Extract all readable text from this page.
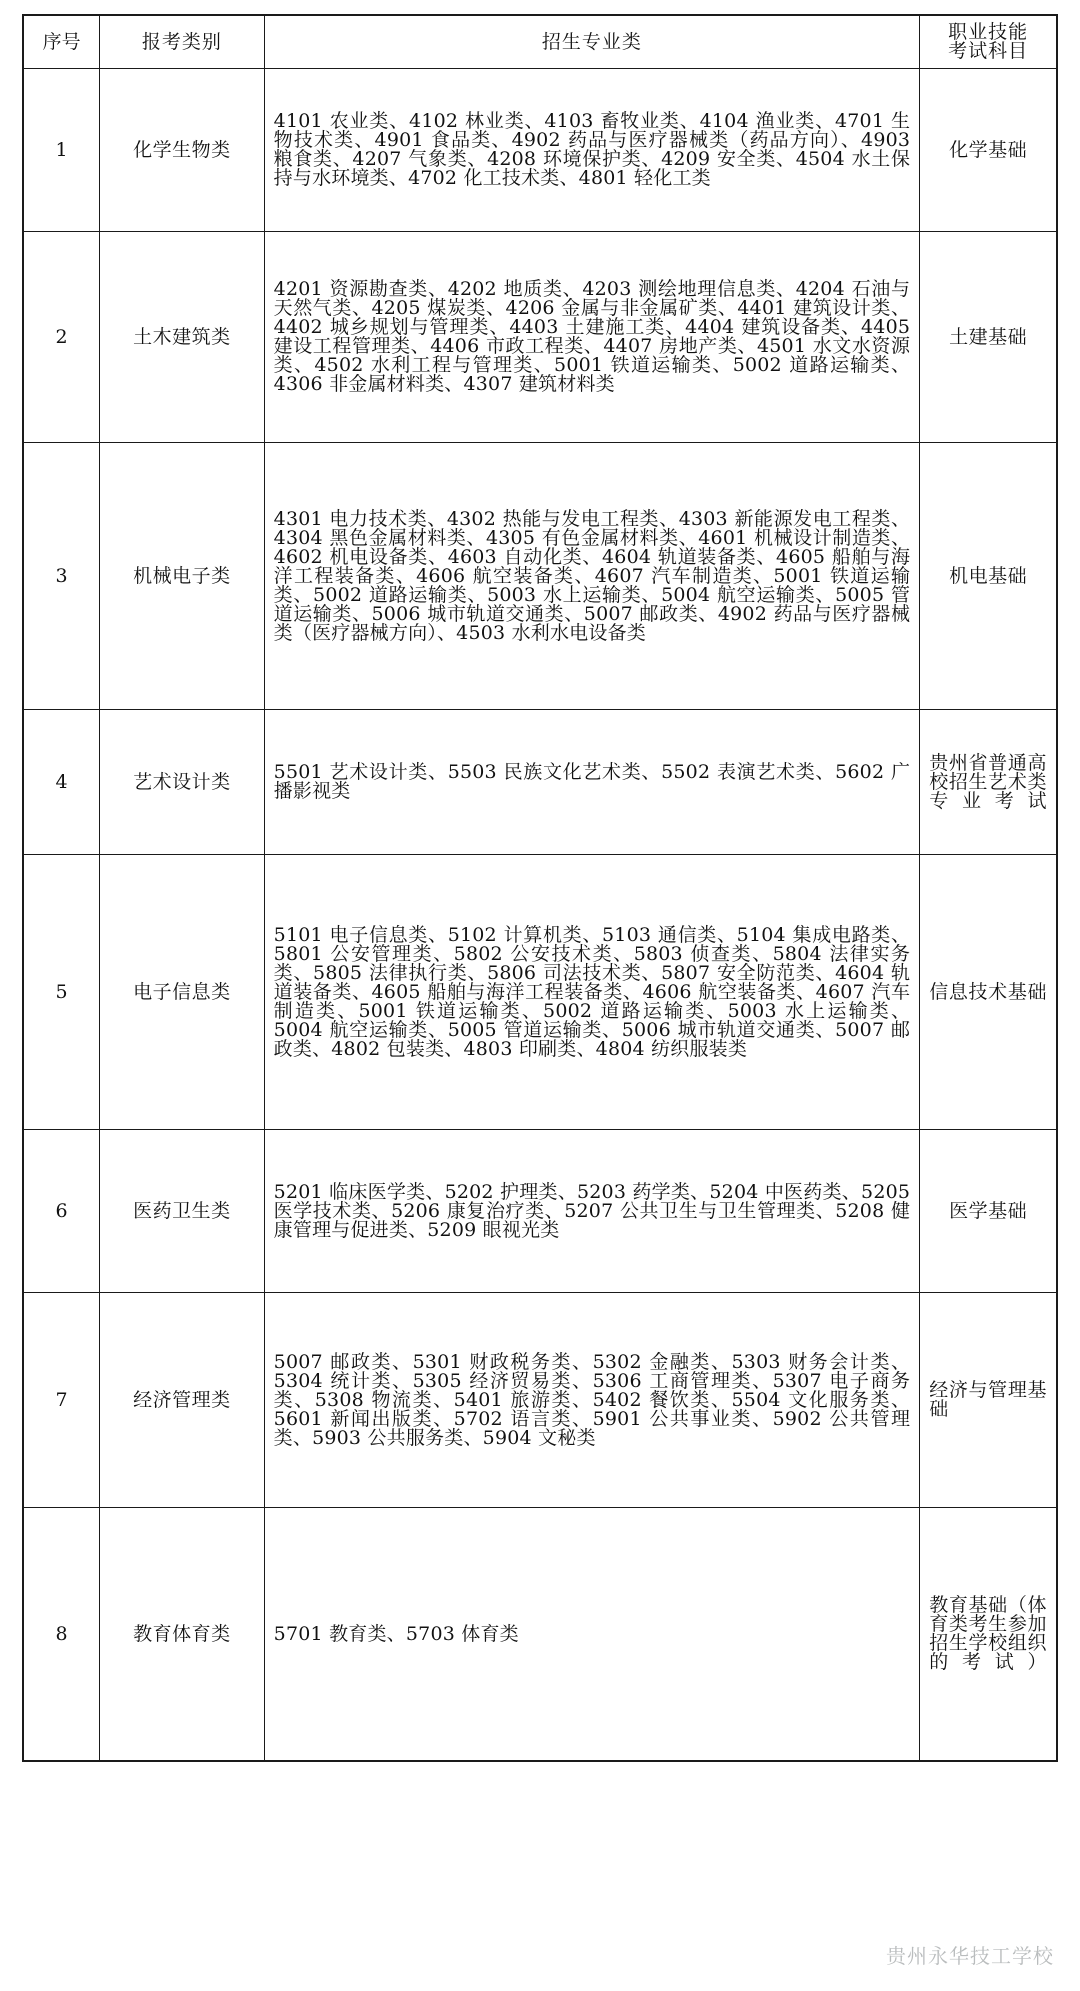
序号	报考类别	招生专业类	职业技能
考试科目
1	化学生物类	4101 农业类、4102 林业类、4103 畜牧业类、4104 渔业类、4701 生物技术类、4901 食品类、4902 药品与医疗器械类（药品方向）、4903 粮食类、4207 气象类、4208 环境保护类、4209 安全类、4504 水土保持与水环境类、4702 化工技术类、4801 轻化工类	化学基础
2	土木建筑类	4201 资源勘查类、4202 地质类、4203 测绘地理信息类、4204 石油与天然气类、4205 煤炭类、4206 金属与非金属矿类、4401 建筑设计类、4402 城乡规划与管理类、4403 土建施工类、4404 建筑设备类、4405 建设工程管理类、4406 市政工程类、4407 房地产类、4501 水文水资源类、4502 水利工程与管理类、5001 铁道运输类、5002 道路运输类、4306 非金属材料类、4307 建筑材料类	土建基础
3	机械电子类	4301 电力技术类、4302 热能与发电工程类、4303 新能源发电工程类、4304 黑色金属材料类、4305 有色金属材料类、4601 机械设计制造类、4602 机电设备类、4603 自动化类、4604 轨道装备类、4605 船舶与海洋工程装备类、4606 航空装备类、4607 汽车制造类、5001 铁道运输类、5002 道路运输类、5003 水上运输类、5004 航空运输类、5005 管道运输类、5006 城市轨道交通类、5007 邮政类、4902 药品与医疗器械类（医疗器械方向）、4503 水利水电设备类	机电基础
4	艺术设计类	5501 艺术设计类、5503 民族文化艺术类、5502 表演艺术类、5602 广播影视类	贵州省普通高校招生艺术类专业考试
5	电子信息类	5101 电子信息类、5102 计算机类、5103 通信类、5104 集成电路类、5801 公安管理类、5802 公安技术类、5803 侦查类、5804 法律实务类、5805 法律执行类、5806 司法技术类、5807 安全防范类、4604 轨道装备类、4605 船舶与海洋工程装备类、4606 航空装备类、4607 汽车制造类、5001 铁道运输类、5002 道路运输类、5003 水上运输类、5004 航空运输类、5005 管道运输类、5006 城市轨道交通类、5007 邮政类、4802 包装类、4803 印刷类、4804 纺织服装类	信息技术基础
6	医药卫生类	5201 临床医学类、5202 护理类、5203 药学类、5204 中医药类、5205 医学技术类、5206 康复治疗类、5207 公共卫生与卫生管理类、5208 健康管理与促进类、5209 眼视光类	医学基础
7	经济管理类	5007 邮政类、5301 财政税务类、5302 金融类、5303 财务会计类、5304 统计类、5305 经济贸易类、5306 工商管理类、5307 电子商务类、5308 物流类、5401 旅游类、5402 餐饮类、5504 文化服务类、5601 新闻出版类、5702 语言类、5901 公共事业类、5902 公共管理类、5903 公共服务类、5904 文秘类	经济与管理基础
8	教育体育类	5701 教育类、5703 体育类	教育基础（体育类考生参加招生学校组织的考试）
贵州永华技工学校
